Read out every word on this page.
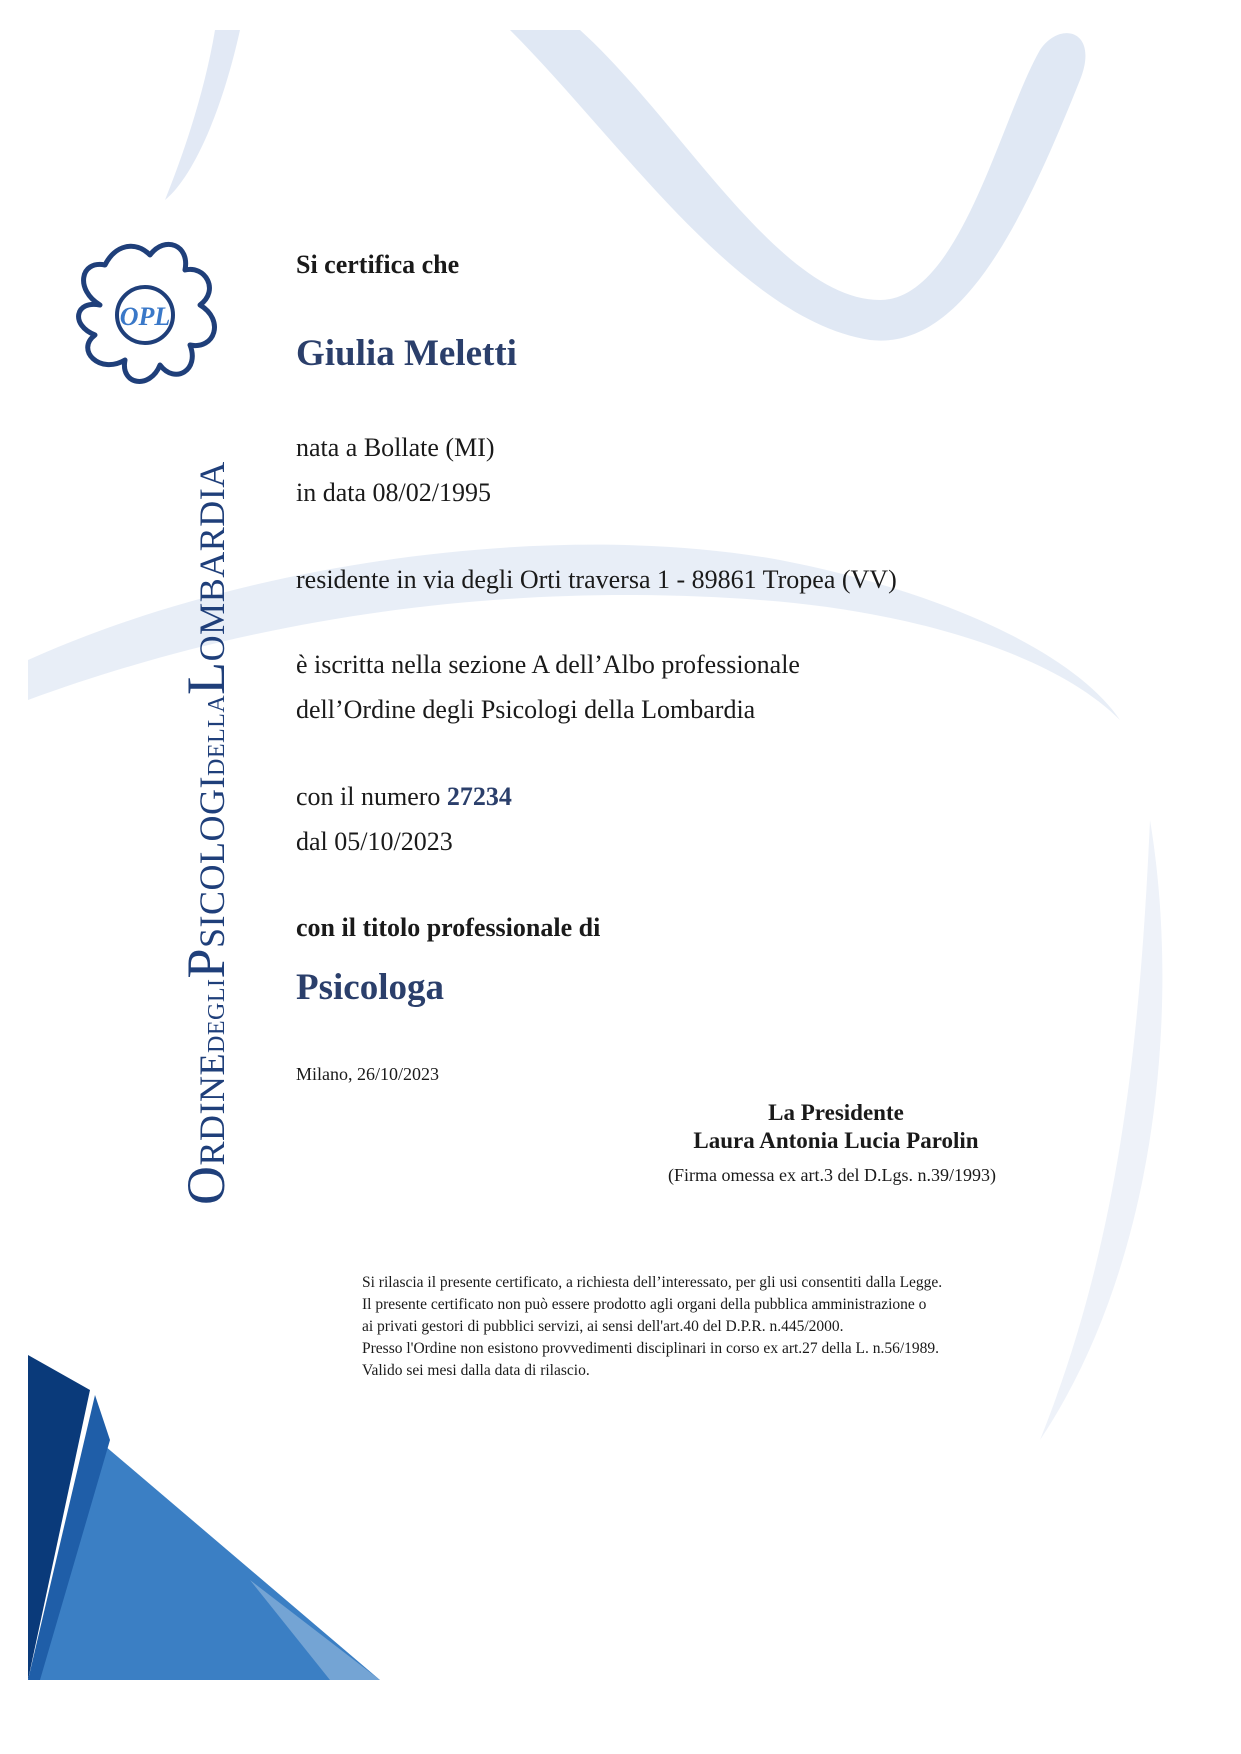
OPL
ORDINEDEGLIPSICOLOGIDELLALOMBARDIA
Si certifica che
Giulia Meletti
nata a Bollate (MI)
in data 08/02/1995
residente in via degli Orti traversa 1 - 89861 Tropea (VV)
è iscritta nella sezione A dell’Albo professionale
dell’Ordine degli Psicologi della Lombardia
con il numero 27234
dal 05/10/2023
con il titolo professionale di
Psicologa
Milano, 26/10/2023
La Presidente
Laura Antonia Lucia Parolin
(Firma omessa ex art.3 del D.Lgs. n.39/1993)
Si rilascia il presente certificato, a richiesta dell’interessato, per gli usi consentiti dalla Legge.
Il presente certificato non può essere prodotto agli organi della pubblica amministrazione o
ai privati gestori di pubblici servizi, ai sensi dell'art.40 del D.P.R. n.445/2000.
Presso l'Ordine non esistono provvedimenti disciplinari in corso ex art.27 della L. n.56/1989.
Valido sei mesi dalla data di rilascio.
